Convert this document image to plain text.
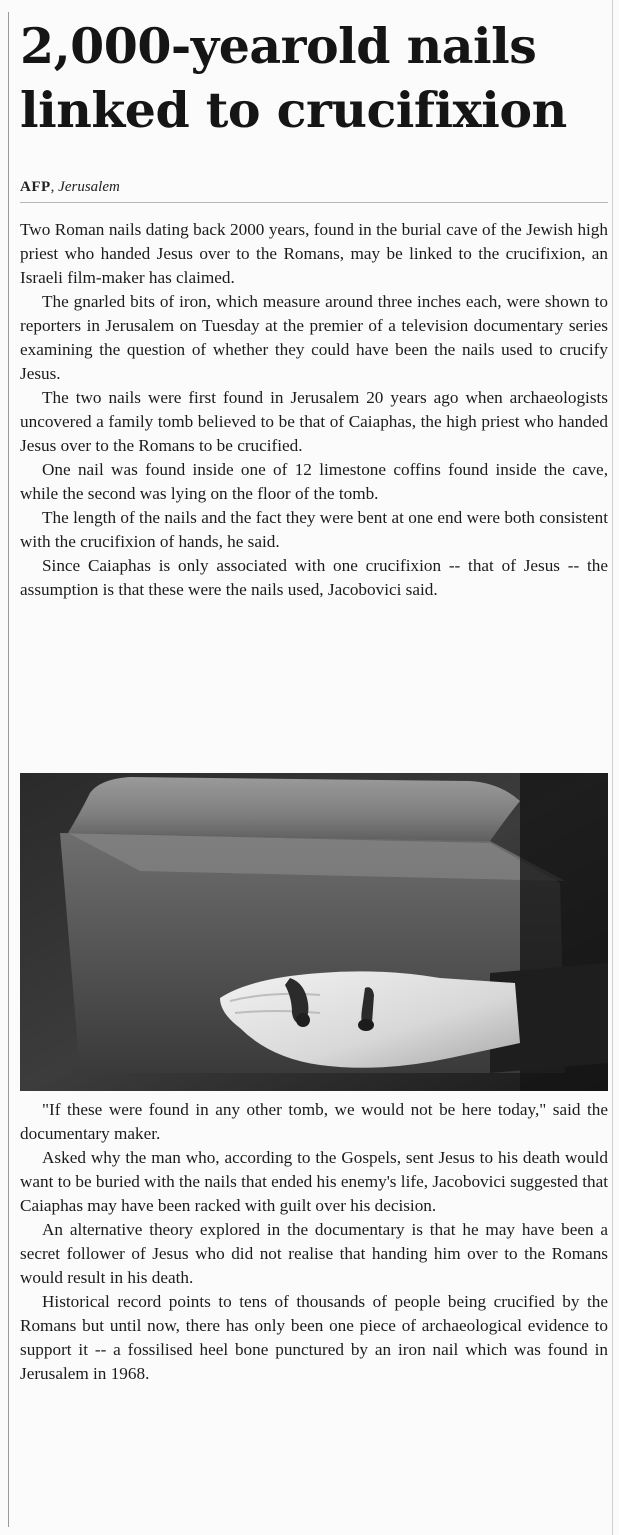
2,000-yearold nails linked to crucifixion
AFP, Jerusalem

Two Roman nails dating back 2000 years, found in the burial cave of the Jewish high priest who handed Jesus over to the Romans, may be linked to the crucifixion, an Israeli film-maker has claimed.

The gnarled bits of iron, which measure around three inches each, were shown to reporters in Jerusalem on Tuesday at the premier of a television documentary series examining the question of whether they could have been the nails used to crucify Jesus.

The two nails were first found in Jerusalem 20 years ago when archaeologists uncovered a family tomb believed to be that of Caiaphas, the high priest who handed Jesus over to the Romans to be crucified.

One nail was found inside one of 12 limestone coffins found inside the cave, while the second was lying on the floor of the tomb.

The length of the nails and the fact they were bent at one end were both consistent with the crucifixion of hands, he said.

Since Caiaphas is only associated with one crucifixion -- that of Jesus -- the assumption is that these were the nails used, Jacobovici said.

"If these were found in any other tomb, we would not be here today," said the documentary maker.

Asked why the man who, according to the Gospels, sent Jesus to his death would want to be buried with the nails that ended his enemy's life, Jacobovici suggested that Caiaphas may have been racked with guilt over his decision.

An alternative theory explored in the documentary is that he may have been a secret follower of Jesus who did not realise that handing him over to the Romans would result in his death.

Historical record points to tens of thousands of people being crucified by the Romans but until now, there has only been one piece of archaeological evidence to support it -- a fossilised heel bone punctured by an iron nail which was found in Jerusalem in 1968.
